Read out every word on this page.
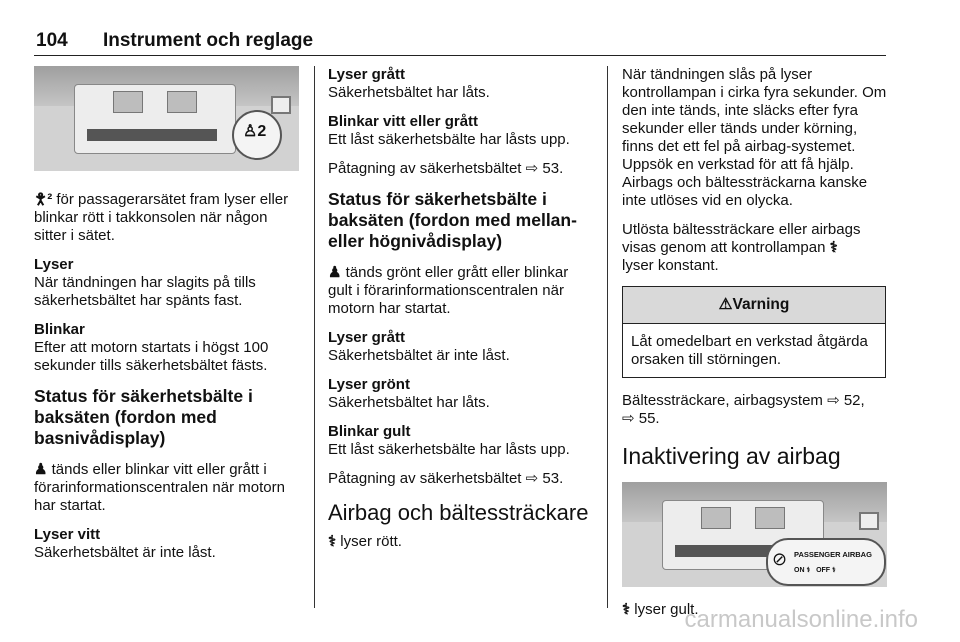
104 Instrument och reglage
♙2

🯆² för passagerarsätet fram lyser eller blinkar rött i takkonsolen när någon sitter i sätet.

Lyser
När tändningen har slagits på tills säkerhetsbältet har spänts fast.

Blinkar
Efter att motorn startats i högst 100 sekunder tills säkerhetsbältet fästs.

Status för säkerhetsbälte i baksäten (fordon med basnivådisplay)

♟ tänds eller blinkar vitt eller grått i förarinformationscentralen när motorn har startat.

Lyser vitt
Säkerhetsbältet är inte låst.

Lyser grått
Säkerhetsbältet har låts.

Blinkar vitt eller grått
Ett låst säkerhetsbälte har låsts upp.

Påtagning av säkerhetsbältet ⇨ 53.

Status för säkerhetsbälte i baksäten (fordon med mellan- eller högnivådisplay)

♟ tänds grönt eller grått eller blinkar gult i förarinformationscentralen när motorn har startat.

Lyser grått
Säkerhetsbältet är inte låst.

Lyser grönt
Säkerhetsbältet har låts.

Blinkar gult
Ett låst säkerhetsbälte har låsts upp.

Påtagning av säkerhetsbältet ⇨ 53.

Airbag och bältessträckare

⚕ lyser rött.

När tändningen slås på lyser kontrollampan i cirka fyra sekunder. Om den inte tänds, inte släcks efter fyra sekunder eller tänds under körning, finns det ett fel på airbag-systemet. Uppsök en verkstad för att få hjälp. Airbags och bältessträckarna kanske inte utlöses vid en olycka.

Utlösta bältessträckare eller airbags visas genom att kontrollampan ⚕
lyser konstant.

⚠Varning
Låt omedelbart en verkstad åtgärda orsaken till störningen.

Bältessträckare, airbagsystem ⇨ 52,
⇨ 55.

Inaktivering av airbag
PASSENGER AIRBAG
⊘
ON ⚕   OFF ⚕

⚕ lyser gult.

carmanualsonline.info
